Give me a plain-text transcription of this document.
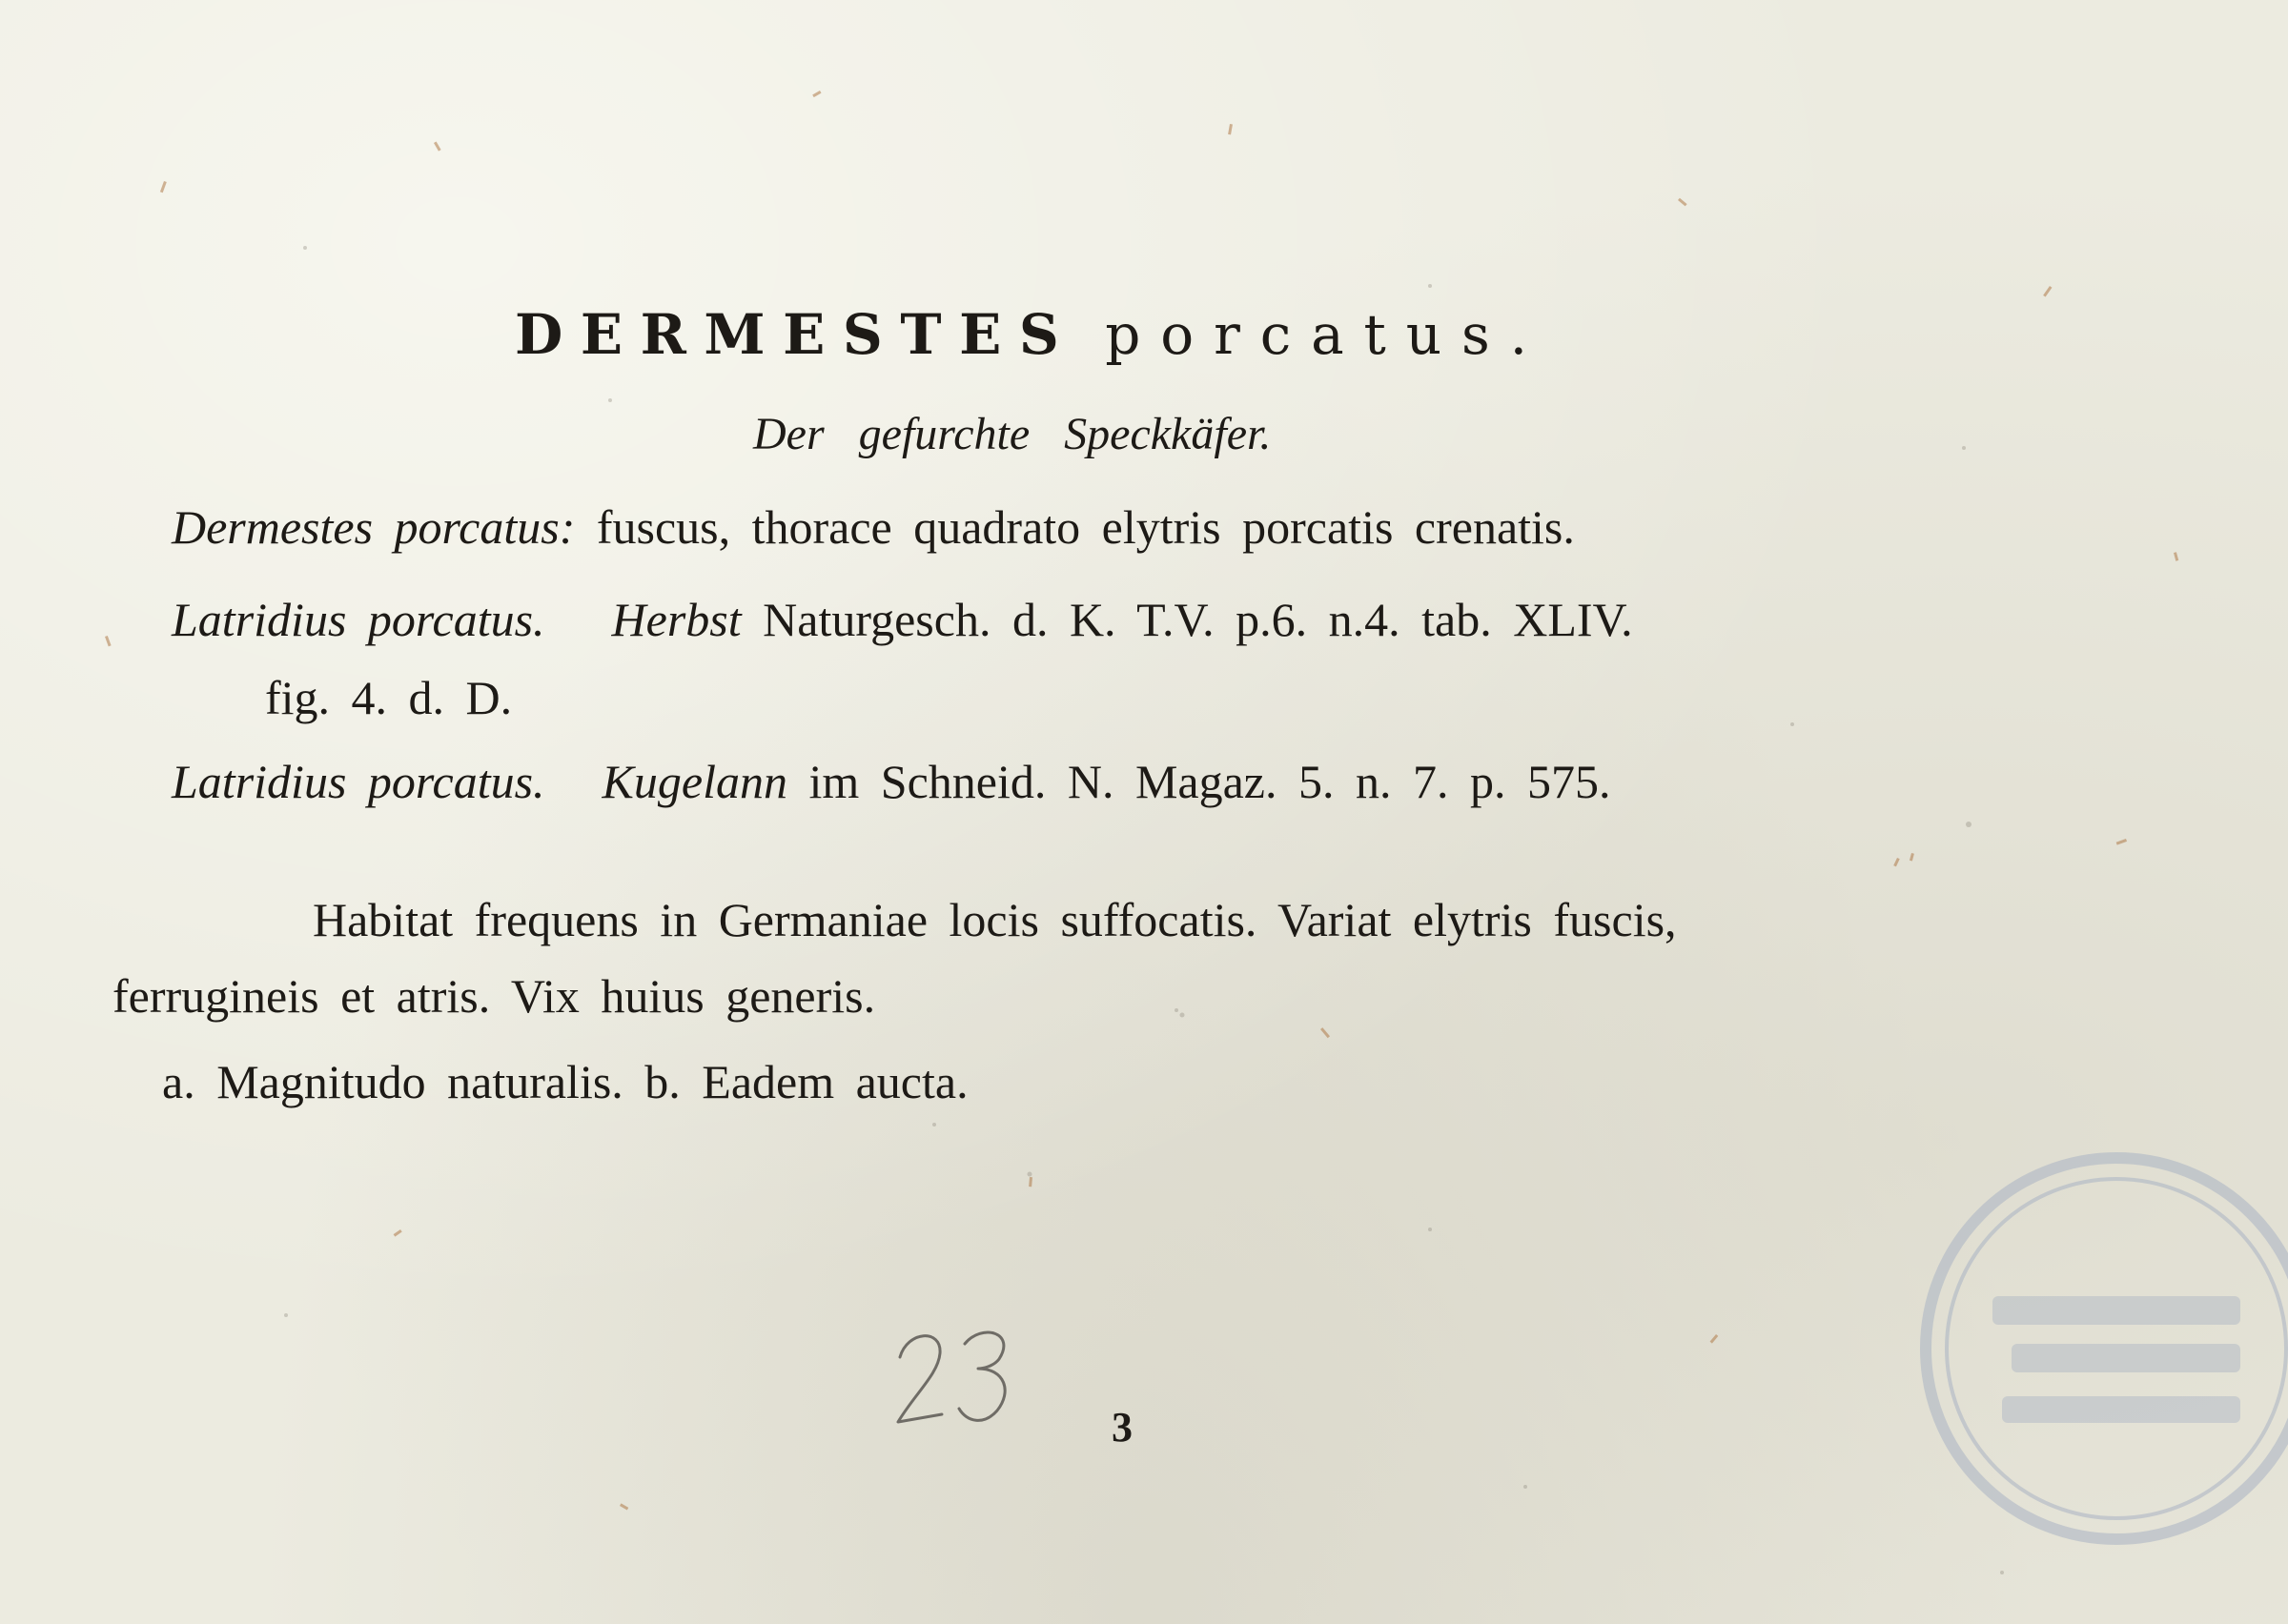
DERMESTES porcatus.
Der gefurchte Speckkäfer.
Dermestes porcatus: fuscus, thorace quadrato elytris porcatis crenatis.
Latridius porcatus. Herbst Naturgesch. d. K. T.V. p.6. n.4. tab. XLIV.
fig. 4. d. D.
Latridius porcatus. Kugelann im Schneid. N. Magaz. 5. n. 7. p. 575.
Habitat frequens in Germaniae locis suffocatis. Variat elytris fuscis,
ferrugineis et atris. Vix huius generis.
a. Magnitudo naturalis. b. Eadem aucta.
3
